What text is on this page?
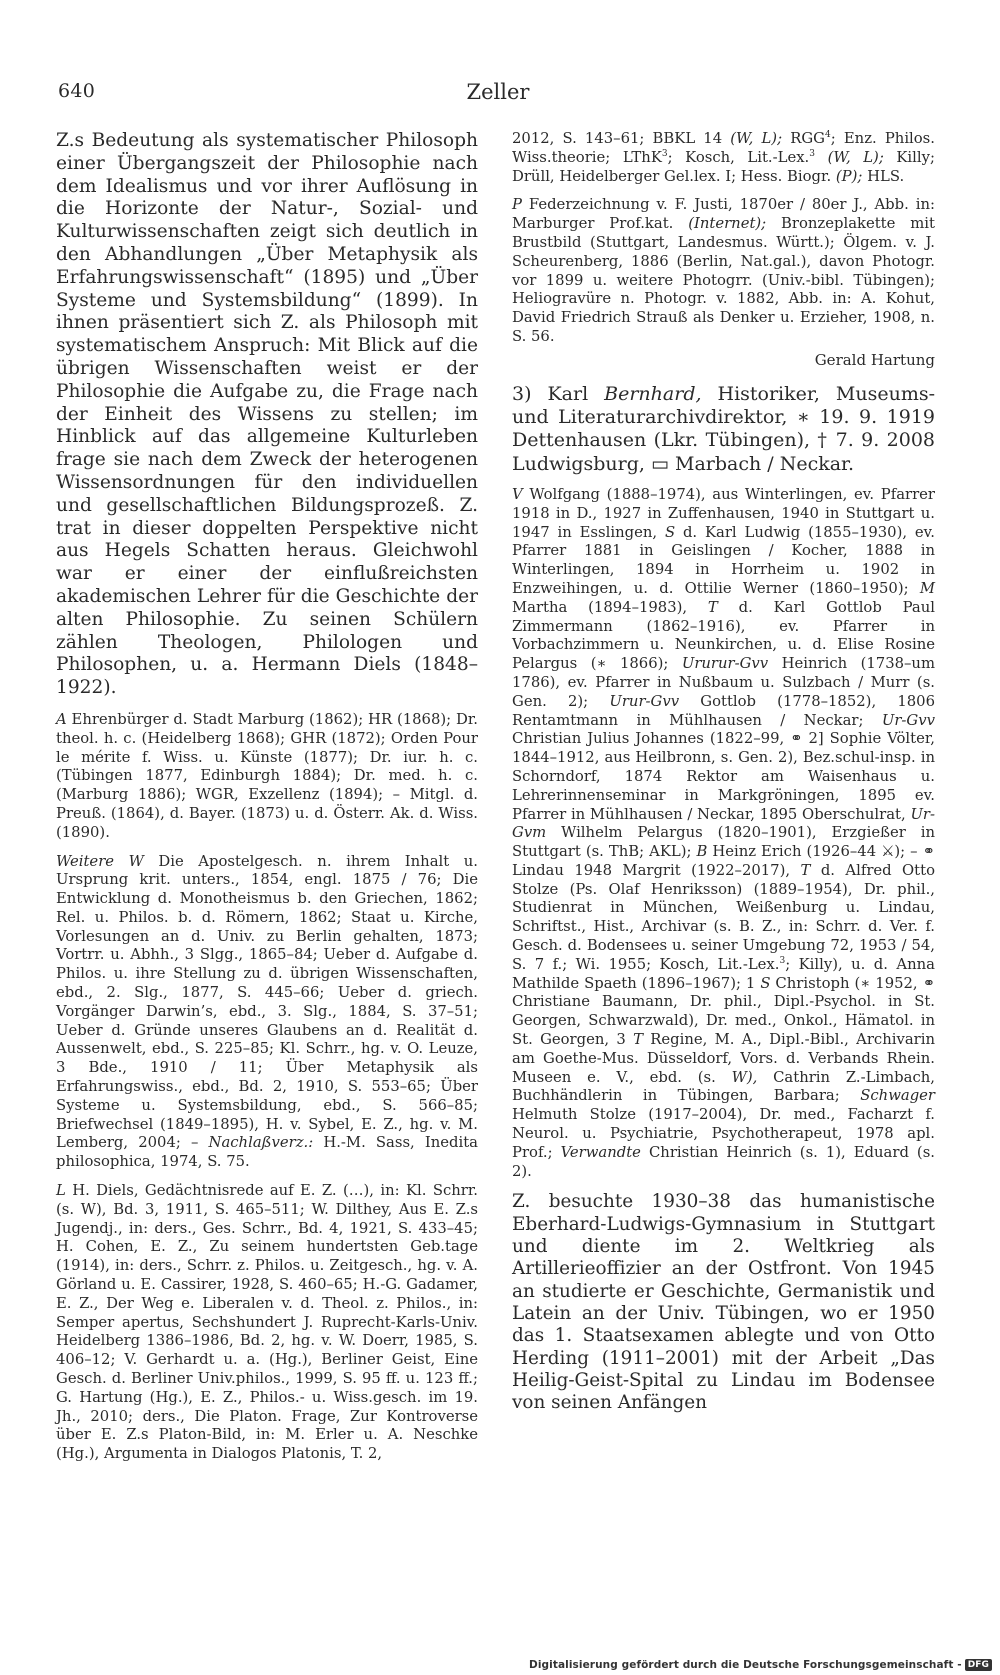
640	Zeller

Z.s Bedeutung als systematischer Philosoph einer Übergangszeit der Philosophie nach dem Idealismus und vor ihrer Auflösung in die Horizonte der Natur-, Sozial- und Kulturwissenschaften zeigt sich deutlich in den Abhandlungen „Über Metaphysik als Erfahrungswissenschaft“ (1895) und „Über Systeme und Systemsbildung“ (1899). In ihnen präsentiert sich Z. als Philosoph mit systematischem Anspruch: Mit Blick auf die übrigen Wissenschaften weist er der Philosophie die Aufgabe zu, die Frage nach der Einheit des Wissens zu stellen; im Hinblick auf das allgemeine Kulturleben frage sie nach dem Zweck der heterogenen Wissensordnungen für den individuellen und gesellschaftlichen Bildungsprozeß. Z. trat in dieser doppelten Perspektive nicht aus Hegels Schatten heraus. Gleichwohl war er einer der einflußreichsten akademischen Lehrer für die Geschichte der alten Philosophie. Zu seinen Schülern zählen Theologen, Philologen und Philosophen, u. a. Hermann Diels (1848–1922).

A Ehrenbürger d. Stadt Marburg (1862); HR (1868); Dr. theol. h. c. (Heidelberg 1868); GHR (1872); Orden Pour le mérite f. Wiss. u. Künste (1877); Dr. iur. h. c. (Tübingen 1877, Edinburgh 1884); Dr. med. h. c. (Marburg 1886); WGR, Exzellenz (1894); – Mitgl. d. Preuß. (1864), d. Bayer. (1873) u. d. Österr. Ak. d. Wiss. (1890).

Weitere W Die Apostelgesch. n. ihrem Inhalt u. Ursprung krit. unters., 1854, engl. 1875 / 76; Die Entwicklung d. Monotheismus b. den Griechen, 1862; Rel. u. Philos. b. d. Römern, 1862; Staat u. Kirche, Vorlesungen an d. Univ. zu Berlin gehalten, 1873; Vortrr. u. Abhh., 3 Slgg., 1865–84; Ueber d. Aufgabe d. Philos. u. ihre Stellung zu d. übrigen Wissenschaften, ebd., 2. Slg., 1877, S. 445–66; Ueber d. griech. Vorgänger Darwin’s, ebd., 3. Slg., 1884, S. 37–51; Ueber d. Gründe unseres Glaubens an d. Realität d. Aussenwelt, ebd., S. 225–85; Kl. Schrr., hg. v. O. Leuze, 3 Bde., 1910 / 11; Über Metaphysik als Erfahrungswiss., ebd., Bd. 2, 1910, S. 553–65; Über Systeme u. Systemsbildung, ebd., S. 566–85; Briefwechsel (1849–1895), H. v. Sybel, E. Z., hg. v. M. Lemberg, 2004; – Nachlaßverz.: H.-M. Sass, Inedita philosophica, 1974, S. 75.

L H. Diels, Gedächtnisrede auf E. Z. (…), in: Kl. Schrr. (s. W), Bd. 3, 1911, S. 465–511; W. Dilthey, Aus E. Z.s Jugendj., in: ders., Ges. Schrr., Bd. 4, 1921, S. 433–45; H. Cohen, E. Z., Zu seinem hundertsten Geb.tage (1914), in: ders., Schrr. z. Philos. u. Zeitgesch., hg. v. A. Görland u. E. Cassirer, 1928, S. 460–65; H.-G. Gadamer, E. Z., Der Weg e. Liberalen v. d. Theol. z. Philos., in: Semper apertus, Sechshundert J. Ruprecht-Karls-Univ. Heidelberg 1386–1986, Bd. 2, hg. v. W. Doerr, 1985, S. 406–12; V. Gerhardt u. a. (Hg.), Berliner Geist, Eine Gesch. d. Berliner Univ.philos., 1999, S. 95 ff. u. 123 ff.; G. Hartung (Hg.), E. Z., Philos.- u. Wiss.gesch. im 19. Jh., 2010; ders., Die Platon. Frage, Zur Kontroverse über E. Z.s Platon-Bild, in: M. Erler u. A. Neschke (Hg.), Argumenta in Dialogos Platonis, T. 2,

2012, S. 143–61; BBKL 14 (W, L); RGG$^4$; Enz. Philos. Wiss.theorie; LThK$^3$; Kosch, Lit.-Lex.$^3$ (W, L); Killy; Drüll, Heidelberger Gel.lex. I; Hess. Biogr. (P); HLS.

P Federzeichnung v. F. Justi, 1870er / 80er J., Abb. in: Marburger Prof.kat. (Internet); Bronzeplakette mit Brustbild (Stuttgart, Landesmus. Württ.); Ölgem. v. J. Scheurenberg, 1886 (Berlin, Nat.gal.), davon Photogr. vor 1899 u. weitere Photogrr. (Univ.-bibl. Tübingen); Heliogravüre n. Photogr. v. 1882, Abb. in: A. Kohut, David Friedrich Strauß als Denker u. Erzieher, 1908, n. S. 56.

Gerald Hartung

3) Karl Bernhard, Historiker, Museums- und Literaturarchivdirektor, ∗ 19. 9. 1919 Dettenhausen (Lkr. Tübingen), † 7. 9. 2008 Ludwigsburg, ▭ Marbach / Neckar.

V Wolfgang (1888–1974), aus Winterlingen, ev. Pfarrer 1918 in D., 1927 in Zuffenhausen, 1940 in Stuttgart u. 1947 in Esslingen, S d. Karl Ludwig (1855–1930), ev. Pfarrer 1881 in Geislingen / Kocher, 1888 in Winterlingen, 1894 in Horrheim u. 1902 in Enzweihingen, u. d. Ottilie Werner (1860–1950); M Martha (1894–1983), T d. Karl Gottlob Paul Zimmermann (1862–1916), ev. Pfarrer in Vorbachzimmern u. Neunkirchen, u. d. Elise Rosine Pelargus (∗ 1866); Ururur-Gvv Heinrich (1738–um 1786), ev. Pfarrer in Nußbaum u. Sulzbach / Murr (s. Gen. 2); Urur-Gvv Gottlob (1778–1852), 1806 Rentamtmann in Mühlhausen / Neckar; Ur-Gvv Christian Julius Johannes (1822–99, ⚭ 2] Sophie Völter, 1844–1912, aus Heilbronn, s. Gen. 2), Bez.schul-insp. in Schorndorf, 1874 Rektor am Waisenhaus u. Lehrerinnenseminar in Markgröningen, 1895 ev. Pfarrer in Mühlhausen / Neckar, 1895 Oberschulrat, Ur-Gvm Wilhelm Pelargus (1820–1901), Erzgießer in Stuttgart (s. ThB; AKL); B Heinz Erich (1926–44 ⚔); – ⚭ Lindau 1948 Margrit (1922–2017), T d. Alfred Otto Stolze (Ps. Olaf Henriksson) (1889–1954), Dr. phil., Studienrat in München, Weißenburg u. Lindau, Schriftst., Hist., Archivar (s. B. Z., in: Schrr. d. Ver. f. Gesch. d. Bodensees u. seiner Umgebung 72, 1953 / 54, S. 7 f.; Wi. 1955; Kosch, Lit.-Lex.$^3$; Killy), u. d. Anna Mathilde Spaeth (1896–1967); 1 S Christoph (∗ 1952, ⚭ Christiane Baumann, Dr. phil., Dipl.-Psychol. in St. Georgen, Schwarzwald), Dr. med., Onkol., Hämatol. in St. Georgen, 3 T Regine, M. A., Dipl.-Bibl., Archivarin am Goethe-Mus. Düsseldorf, Vors. d. Verbands Rhein. Museen e. V., ebd. (s. W), Cathrin Z.-Limbach, Buchhändlerin in Tübingen, Barbara; Schwager Helmuth Stolze (1917–2004), Dr. med., Facharzt f. Neurol. u. Psychiatrie, Psychotherapeut, 1978 apl. Prof.; Verwandte Christian Heinrich (s. 1), Eduard (s. 2).

Z. besuchte 1930–38 das humanistische Eberhard-Ludwigs-Gymnasium in Stuttgart und diente im 2. Weltkrieg als Artillerieoffizier an der Ostfront. Von 1945 an studierte er Geschichte, Germanistik und Latein an der Univ. Tübingen, wo er 1950 das 1. Staatsexamen ablegte und von Otto Herding (1911–2001) mit der Arbeit „Das Heilig-Geist-Spital zu Lindau im Bodensee von seinen Anfängen

Digitalisierung gefördert durch die Deutsche Forschungsgemeinschaft - DFG
